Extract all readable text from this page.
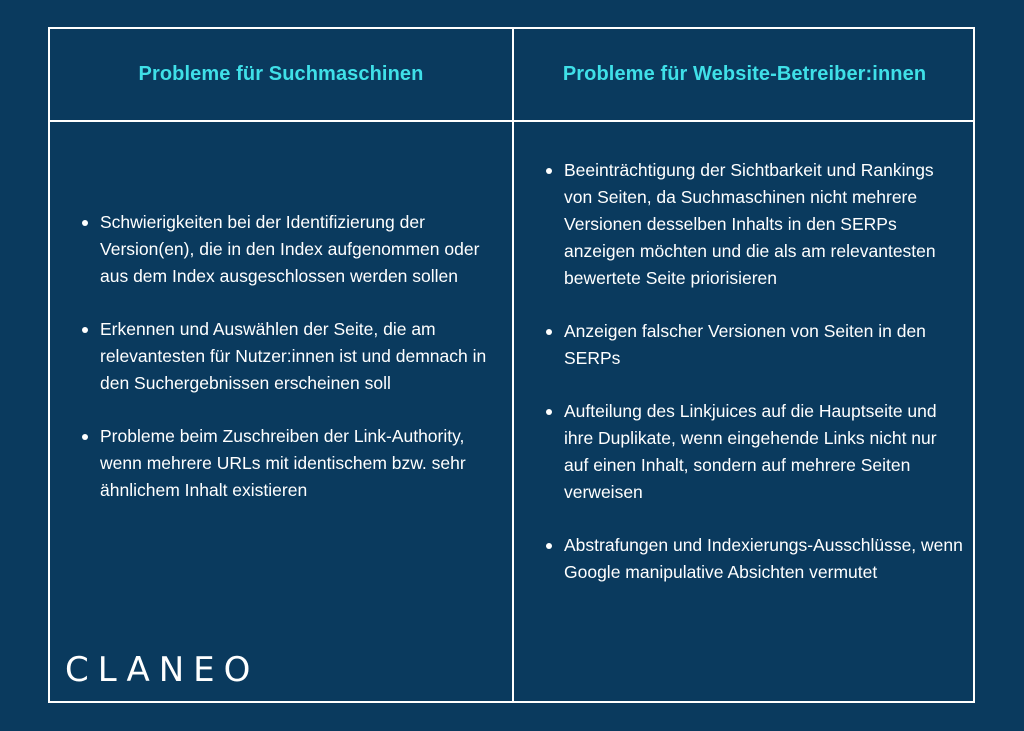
Probleme für Suchmaschinen	Probleme für Website-Betreiber:innen
Schwierigkeiten bei der Identifizierung der Version(en), die in den Index aufgenommen oder aus dem Index ausgeschlossen werden sollen
Erkennen und Auswählen der Seite, die am relevantesten für Nutzer:innen ist und demnach in den Suchergebnissen erscheinen soll
Probleme beim Zuschreiben der Link-Authority, wenn mehrere URLs mit identischem bzw. sehr ähnlichem Inhalt existieren
Beeinträchtigung der Sichtbarkeit und Rankings von Seiten, da Suchmaschinen nicht mehrere Versionen desselben Inhalts in den SERPs anzeigen möchten und die als am relevantesten bewertete Seite priorisieren
Anzeigen falscher Versionen von Seiten in den SERPs
Aufteilung des Linkjuices auf die Hauptseite und ihre Duplikate, wenn eingehende Links nicht nur auf einen Inhalt, sondern auf mehrere Seiten verweisen
Abstrafungen und Indexierungs-Ausschlüsse, wenn Google manipulative Absichten vermutet
CLANEO
